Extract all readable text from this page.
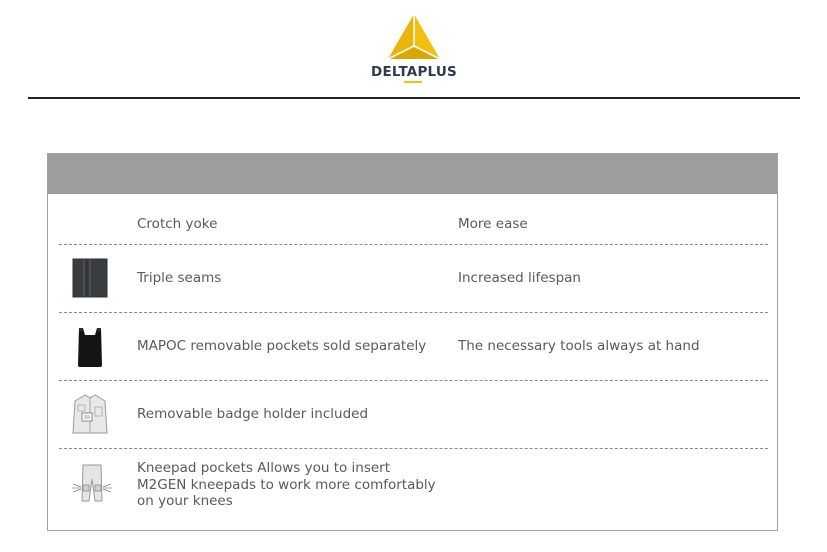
DELTAPLUS
Crotch yoke	More ease
Triple seams	Increased lifespan
MAPOC removable pockets sold separately	The necessary tools always at hand
Removable badge holder included
Kneepad pockets Allows you to insert M2GEN kneepads to work more comfortably on your knees
